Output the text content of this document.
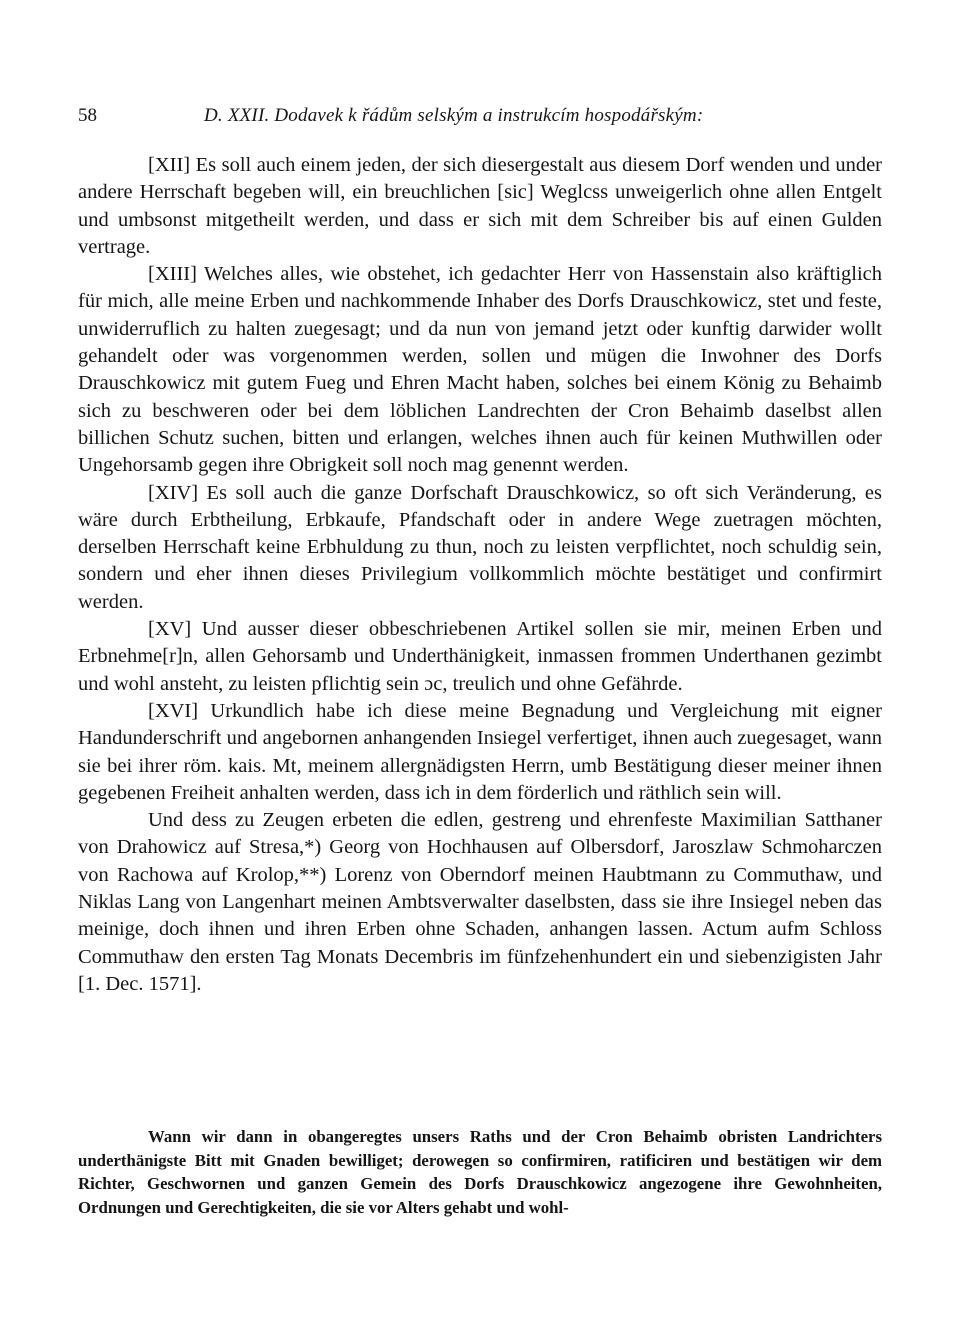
58	D. XXII. Dodavek k řádům selským a instrukcím hospodářským:

[XII] Es soll auch einem jeden, der sich diesergestalt aus diesem Dorf wenden und under andere Herrschaft begeben will, ein breuchlichen [sic] Weglcss unweigerlich ohne allen Entgelt und umbsonst mitgetheilt werden, und dass er sich mit dem Schreiber bis auf einen Gulden vertrage.

[XIII] Welches alles, wie obstehet, ich gedachter Herr von Hassenstain also kräftiglich für mich, alle meine Erben und nachkommende Inhaber des Dorfs Drauschkowicz, stet und feste, unwiderruflich zu halten zuegesagt; und da nun von jemand jetzt oder kunftig darwider wollt gehandelt oder was vorgenommen werden, sollen und mügen die Inwohner des Dorfs Drauschkowicz mit gutem Fueg und Ehren Macht haben, solches bei einem König zu Behaimb sich zu beschweren oder bei dem löblichen Landrechten der Cron Behaimb daselbst allen billichen Schutz suchen, bitten und erlangen, welches ihnen auch für keinen Muthwillen oder Ungehorsamb gegen ihre Obrigkeit soll noch mag genennt werden.

[XIV] Es soll auch die ganze Dorfschaft Drauschkowicz, so oft sich Veränderung, es wäre durch Erbtheilung, Erbkaufe, Pfandschaft oder in andere Wege zuetragen möchten, derselben Herrschaft keine Erbhuldung zu thun, noch zu leisten verpflichtet, noch schuldig sein, sondern und eher ihnen dieses Privilegium vollkommlich möchte bestätiget und confirmirt werden.

[XV] Und ausser dieser obbeschriebenen Artikel sollen sie mir, meinen Erben und Erbnehme[r]n, allen Gehorsamb und Underthänigkeit, inmassen frommen Underthanen gezimbt und wohl ansteht, zu leisten pflichtig sein ɔc, treulich und ohne Gefährde.

[XVI] Urkundlich habe ich diese meine Begnadung und Vergleichung mit eigner Handunderschrift und angebornen anhangenden Insiegel verfertiget, ihnen auch zuegesaget, wann sie bei ihrer röm. kais. Mt, meinem allergnädigsten Herrn, umb Bestätigung dieser meiner ihnen gegebenen Freiheit anhalten werden, dass ich in dem förderlich und räthlich sein will.

Und dess zu Zeugen erbeten die edlen, gestreng und ehrenfeste Maximilian Satthaner von Drahowicz auf Stresa,*) Georg von Hochhausen auf Olbersdorf, Jaroszlaw Schmoharczen von Rachowa auf Krolop,**) Lorenz von Oberndorf meinen Haubtmann zu Commuthaw, und Niklas Lang von Langenhart meinen Ambtsverwalter daselbsten, dass sie ihre Insiegel neben das meinige, doch ihnen und ihren Erben ohne Schaden, anhangen lassen. Actum aufm Schloss Commuthaw den ersten Tag Monats Decembris im fünfzehenhundert ein und siebenzigisten Jahr [1. Dec. 1571].

Wann wir dann in obangeregtes unsers Raths und der Cron Behaimb obristen Landrichters underthänigste Bitt mit Gnaden bewilliget; derowegen so confirmiren, ratificiren und bestätigen wir dem Richter, Geschwornen und ganzen Gemein des Dorfs Drauschkowicz angezogene ihre Gewohnheiten, Ordnungen und Gerechtigkeiten, die sie vor Alters gehabt und wohl-
